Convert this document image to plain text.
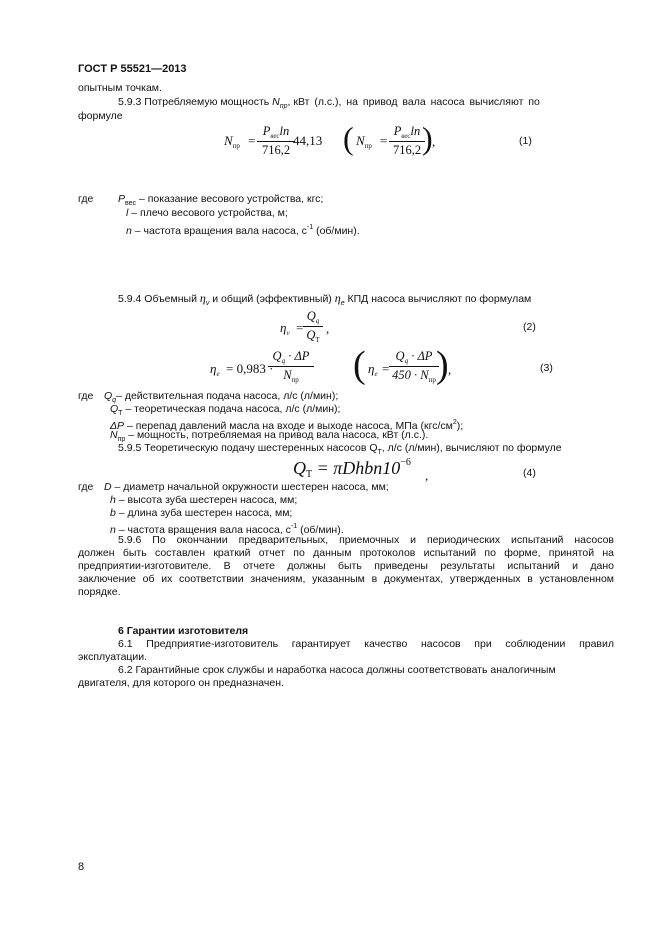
ГОСТ Р 55521—2013
опытным точкам.
5.9.3 Потребляемую мощность $N_{пр}$, кВт (л.с.), на привод вала насоса вычисляют по
формуле
$N_{пр}$ =
$P_{вес}\ln$
716,2
44,13 ( $N_{пр}$ =
$P_{вес}\ln$
716,2 ) ,	(1)
где $P_{вес}$ – показание весового устройства, кгс;
l – плечо весового устройства, м;
n – частота вращения вала насоса, $с^{-1}$ (об/мин).
5.9.4 Объемный $\eta_v$ и общий (эффективный) $\eta_e$ КПД насоса вычисляют по формулам
$\eta_v = \frac{Q_q}{Q_T}$ ,	(2)
$\eta_e = 0,983$ ·
$Q_q \cdot \Delta P$
$N_{пр}$	( $\eta_e$ =
$Q_q \cdot \Delta P$
$450 \cdot N_{пр}$ ) ,	(3)
где $Q_q-$ действительная подача насоса, л/с (л/мин);
$Q_Т$ – теоретическая подача насоса, л/с (л/мин);
ΔP – перепад давлений масла на входе и выходе насоса, МПа $(кгс/см^2)$;
$N_{пр}$ – мощность, потребляемая на привод вала насоса, кВт (л.с.).
5.9.5 Теоретическую подачу шестеренных насосов $Q_Т$, л/с (л/мин), вычисляют по формуле
$Q_Т$ = $\pi Dhbn10^{-6}$
,	(4)
где D – диаметр начальной окружности шестерен насоса, мм;
h – высота зуба шестерен насоса, мм;
b – длина зуба шестерен насоса, мм;
n – частота вращения вала насоса, $с^{-1}$ (об/мин).
5.9.6 По окончании предварительных, приемочных и периодических испытаний насосов
должен быть составлен краткий отчет по данным протоколов испытаний по форме, принятой на
предприятии-изготовителе. В отчете должны быть приведены результаты испытаний и дано
заключение об их соответствии значениям, указанным в документах, утвержденных в установленном
порядке.
6 Гарантии изготовителя
6.1 Предприятие-изготовитель гарантирует качество насосов при соблюдении правил
эксплуатации.
6.2 Гарантийные срок службы и наработка насоса должны соответствовать аналогичным
двигателя, для которого он предназначен.
8
